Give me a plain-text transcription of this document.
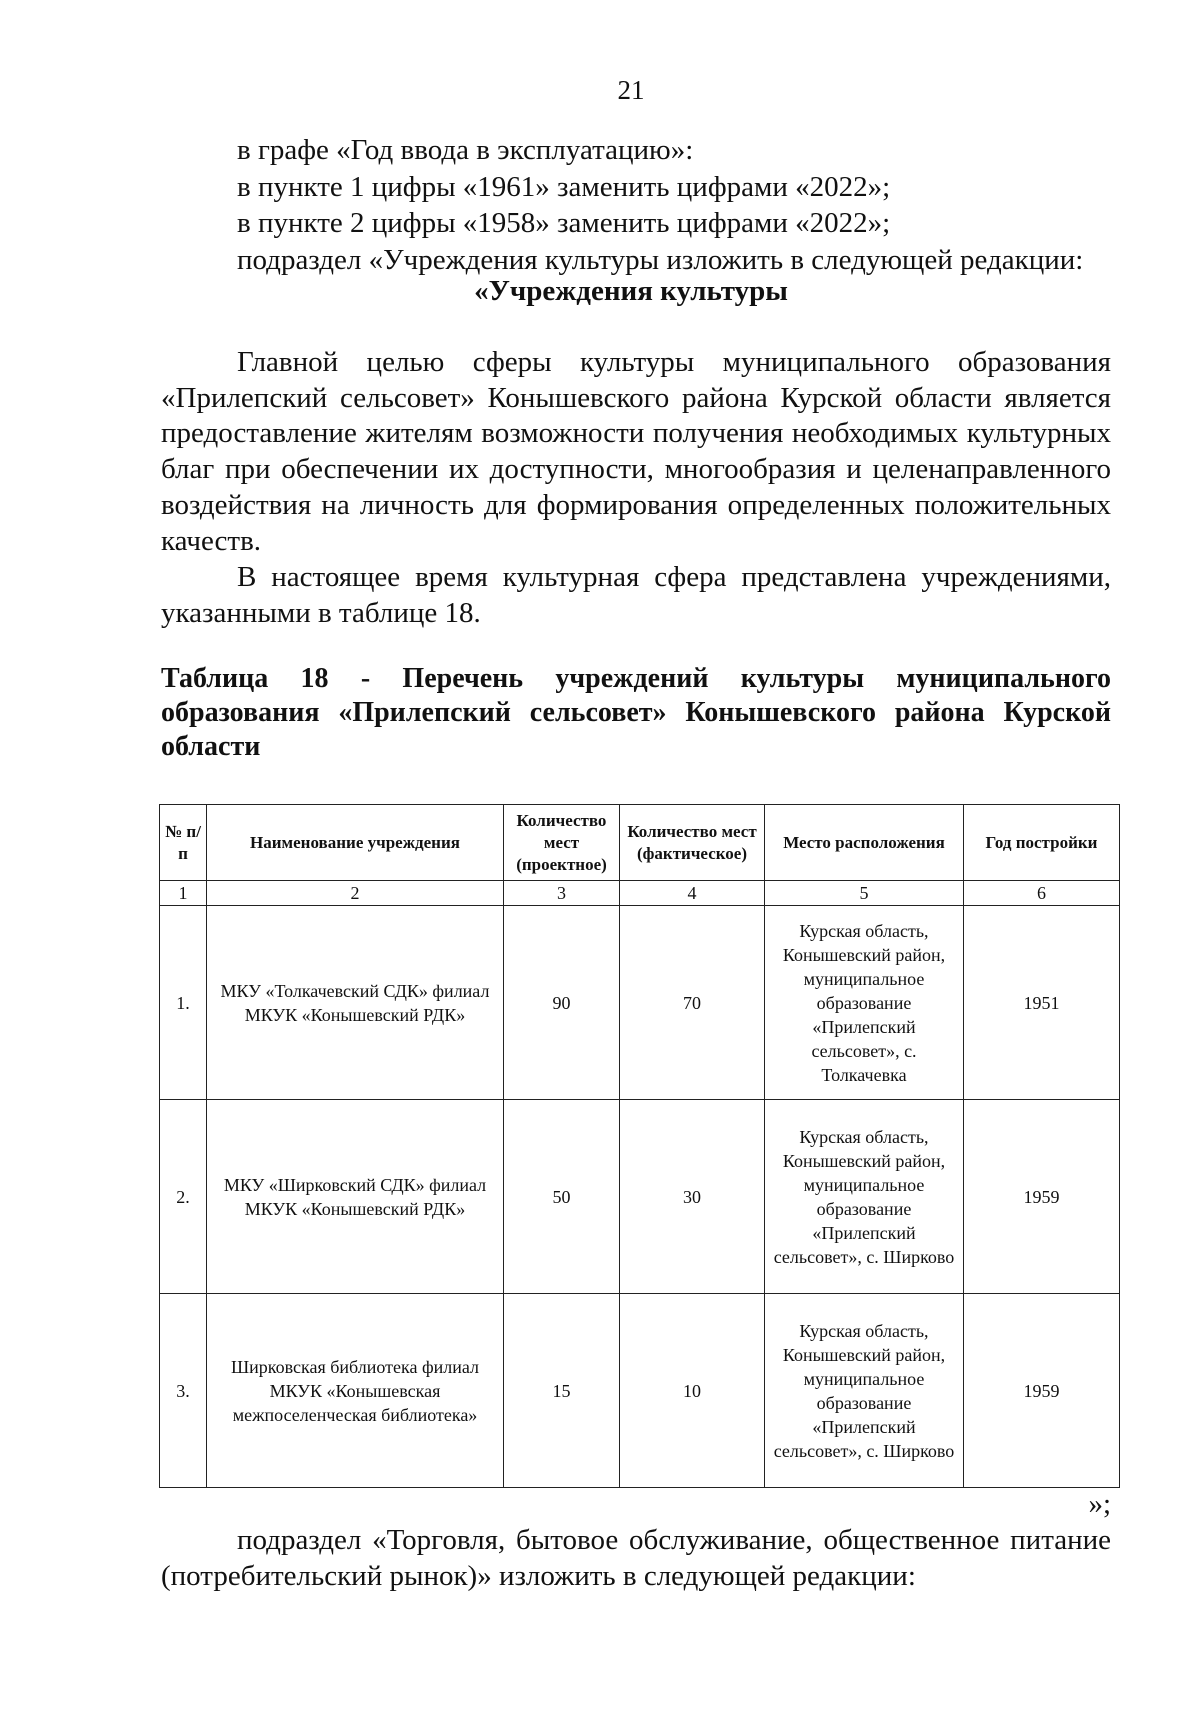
21

в графе «Год ввода в эксплуатацию»:

в пункте 1 цифры «1961» заменить цифрами «2022»;

в пункте 2 цифры «1958» заменить цифрами «2022»;

подраздел «Учреждения культуры изложить в следующей редакции:

«Учреждения культуры

Главной целью сферы культуры муниципального образования «Прилепский сельсовет» Конышевского района Курской области является предоставление жителям возможности получения необходимых культурных благ при обеспечении их доступности, многообразия и целенаправленного воздействия на личность для формирования определенных положительных качеств.

В настоящее время культурная сфера представлена учреждениями, указанными в таблице 18.

Таблица 18 - Перечень учреждений культуры муниципального образования «Прилепский сельсовет» Конышевского района Курской области
№ п/п	Наименование учреждения	Количество мест (проектное)	Количество мест (фактическое)	Место расположения	Год постройки
1	2	3	4	5	6
1.	МКУ «Толкачевский СДК» филиал МКУК «Конышевский РДК»	90	70	Курская область, Конышевский район, муниципальное образование «Прилепский сельсовет», с. Толкачевка	1951
2.	МКУ «Ширковский СДК» филиал МКУК «Конышевский РДК»	50	30	Курская область, Конышевский район, муниципальное образование «Прилепский сельсовет», с. Ширково	1959
3.	Ширковская библиотека филиал МКУК «Конышевская межпоселенческая библиотека»	15	10	Курская область, Конышевский район, муниципальное образование «Прилепский сельсовет», с. Ширково	1959

»;

подраздел «Торговля, бытовое обслуживание, общественное питание (потребительский рынок)» изложить в следующей редакции:
